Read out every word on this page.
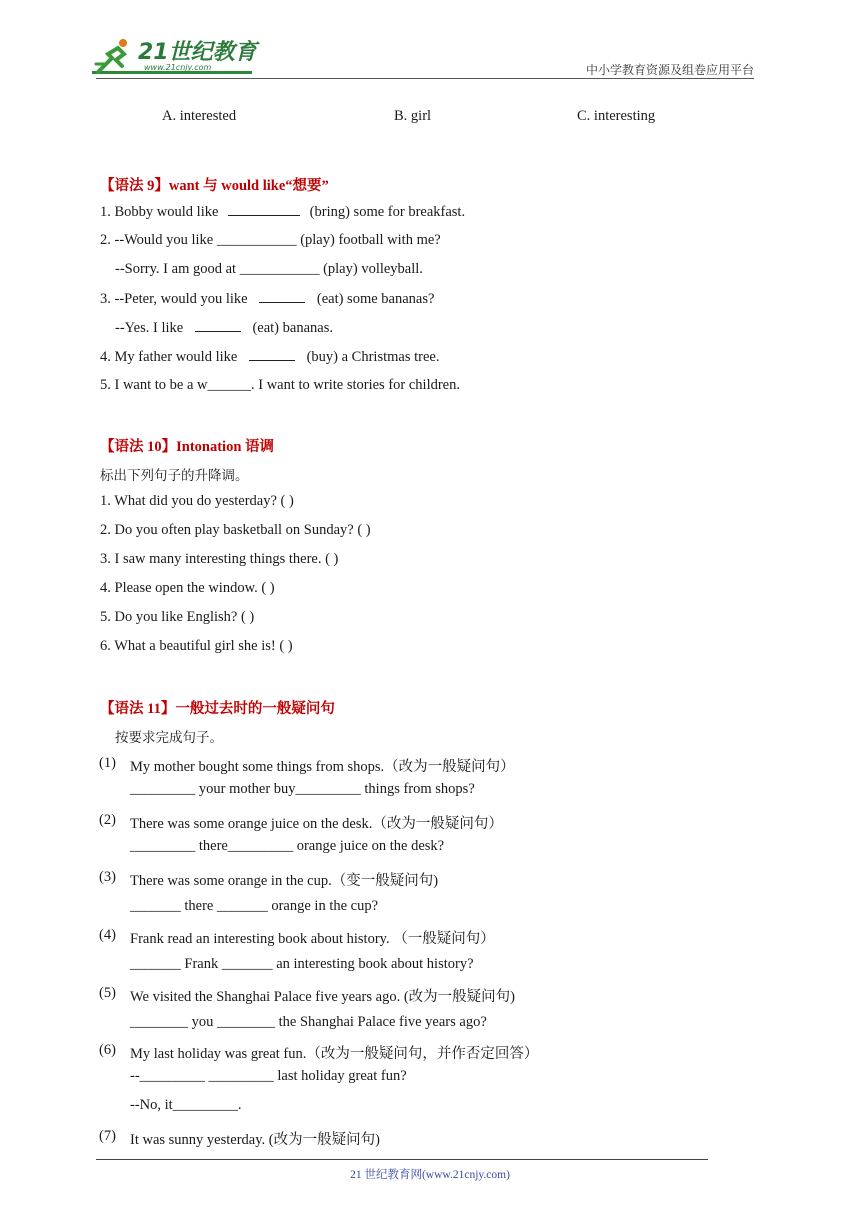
21世纪教育
www.21cnjy.com	中小学教育资源及组卷应用平台
A. interested	B. girl	C. interesting
【语法 9】want 与 would like“想要”
1. Bobby would like	(bring) some for breakfast.
2. --Would you like ___________ (play) football with me?
--Sorry. I am good at ___________ (play) volleyball.
3. --Peter, would you like	(eat) some bananas?
--Yes. I like	(eat) bananas.
4. My father would like	(buy) a Christmas tree.
5. I want to be a w______. I want to write stories for children.
【语法 10】Intonation 语调
标出下列句子的升降调。
1. What did you do yesterday? ( )
2. Do you often play basketball on Sunday? ( )
3. I saw many interesting things there. ( )
4. Please open the window. ( )
5. Do you like English? ( )
6. What a beautiful girl she is! ( )
【语法 11】一般过去时的一般疑问句
按要求完成句子。
(1) My mother bought some things from shops.（改为一般疑问句）
_________ your mother buy_________ things from shops?
(2) There was some orange juice on the desk.（改为一般疑问句）
_________ there_________ orange juice on the desk?
(3) There was some orange in the cup.（变一般疑问句)
_______ there _______ orange in the cup?
(4) Frank read an interesting book about history. （一般疑问句）
_______ Frank _______ an interesting book about history?
(5) We visited the Shanghai Palace five years ago. (改为一般疑问句)
________ you ________ the Shanghai Palace five years ago?
(6) My last holiday was great fun.（改为一般疑问句，并作否定回答）
--_________ _________ last holiday great fun?
--No, it_________.
(7) It was sunny yesterday. (改为一般疑问句)
21 世纪教育网(www.21cnjy.com)
